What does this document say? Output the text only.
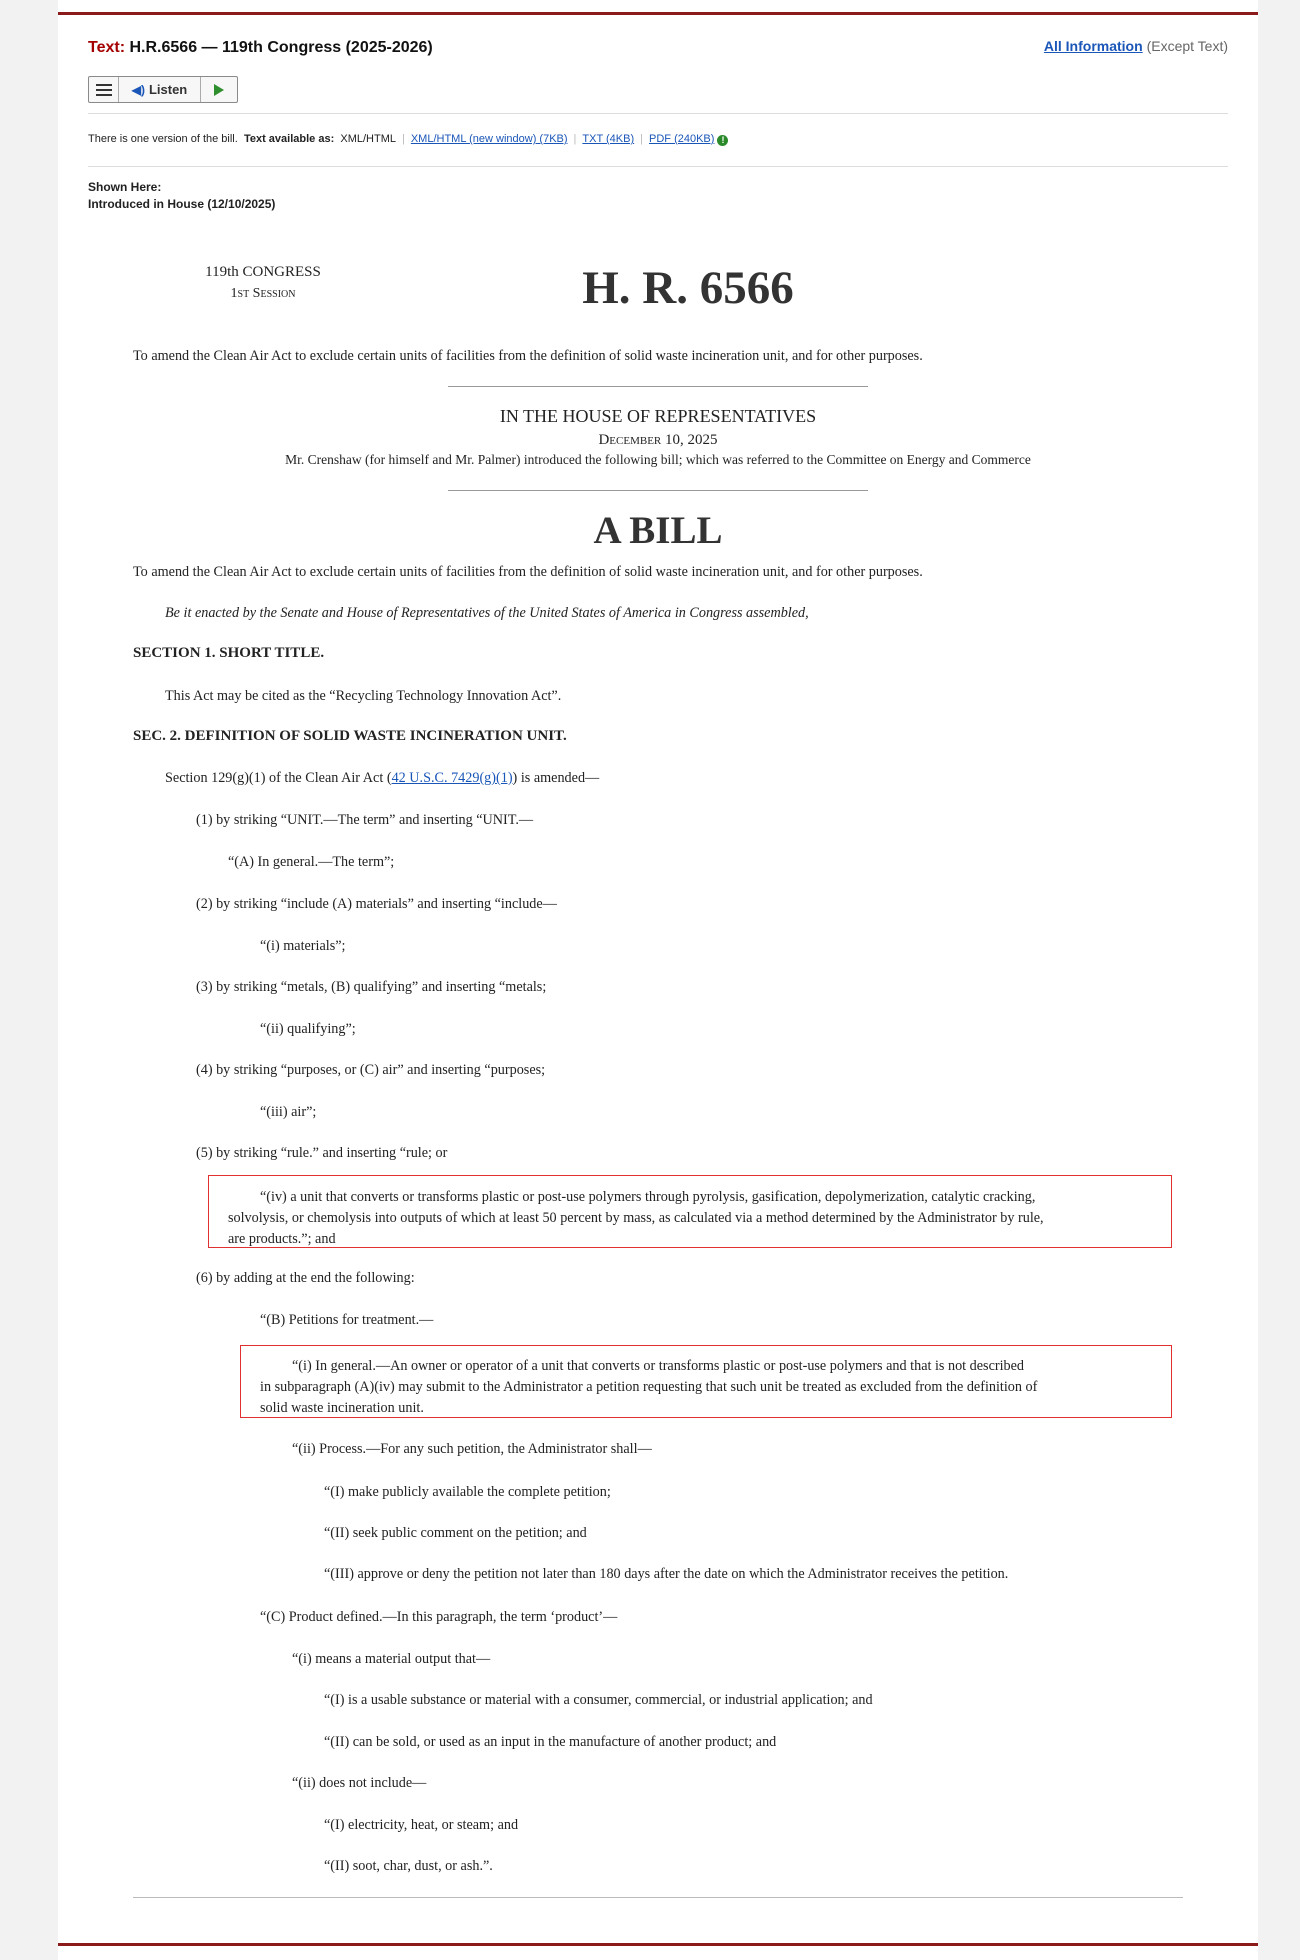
Text: H.R.6566 — 119th Congress (2025-2026)	All Information (Except Text)
◀) Listen
There is one version of the bill. Text available as: XML/HTML | XML/HTML (new window) (7KB) | TXT (4KB) | PDF (240KB) !
Shown Here:
Introduced in House (12/10/2025)
119th CONGRESS
1st Session	H. R. 6566
To amend the Clean Air Act to exclude certain units of facilities from the definition of solid waste incineration unit, and for other purposes.
IN THE HOUSE OF REPRESENTATIVES
December 10, 2025
Mr. Crenshaw (for himself and Mr. Palmer) introduced the following bill; which was referred to the Committee on Energy and Commerce
A BILL
To amend the Clean Air Act to exclude certain units of facilities from the definition of solid waste incineration unit, and for other purposes.
Be it enacted by the Senate and House of Representatives of the United States of America in Congress assembled,
SECTION 1. SHORT TITLE.
This Act may be cited as the “Recycling Technology Innovation Act”.
SEC. 2. DEFINITION OF SOLID WASTE INCINERATION UNIT.
Section 129(g)(1) of the Clean Air Act (42 U.S.C. 7429(g)(1)) is amended—
(1) by striking “UNIT.—The term” and inserting “UNIT.—
“(A) In general.—The term”;
(2) by striking “include (A) materials” and inserting “include—
“(i) materials”;
(3) by striking “metals, (B) qualifying” and inserting “metals;
“(ii) qualifying”;
(4) by striking “purposes, or (C) air” and inserting “purposes;
“(iii) air”;
(5) by striking “rule.” and inserting “rule; or
“(iv) a unit that converts or transforms plastic or post-use polymers through pyrolysis, gasification, depolymerization, catalytic cracking,
solvolysis, or chemolysis into outputs of which at least 50 percent by mass, as calculated via a method determined by the Administrator by rule,
are products.”; and
(6) by adding at the end the following:
“(B) Petitions for treatment.—
“(i) In general.—An owner or operator of a unit that converts or transforms plastic or post-use polymers and that is not described
in subparagraph (A)(iv) may submit to the Administrator a petition requesting that such unit be treated as excluded from the definition of
solid waste incineration unit.
“(ii) Process.—For any such petition, the Administrator shall—
“(I) make publicly available the complete petition;
“(II) seek public comment on the petition; and
“(III) approve or deny the petition not later than 180 days after the date on which the Administrator receives the petition.
“(C) Product defined.—In this paragraph, the term ‘product’—
“(i) means a material output that—
“(I) is a usable substance or material with a consumer, commercial, or industrial application; and
“(II) can be sold, or used as an input in the manufacture of another product; and
“(ii) does not include—
“(I) electricity, heat, or steam; and
“(II) soot, char, dust, or ash.”.
